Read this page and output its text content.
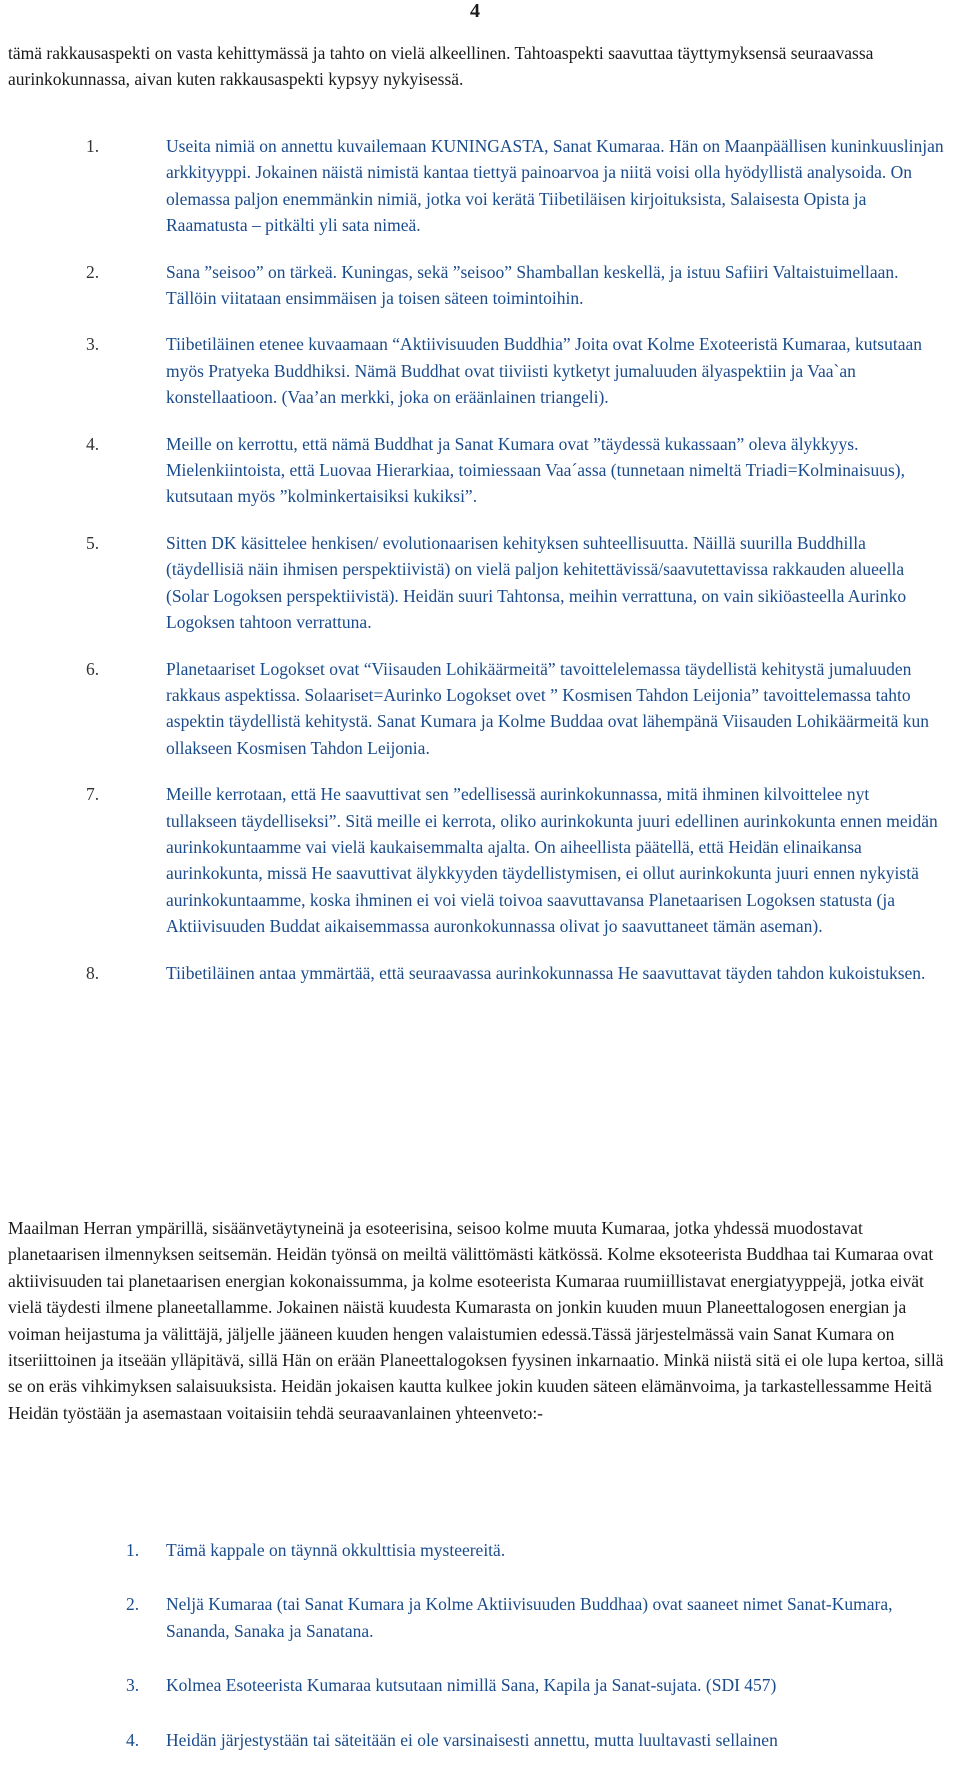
4
tämä rakkausaspekti on vasta kehittymässä ja tahto on vielä alkeellinen. Tahtoaspekti saavuttaa täyttymyksensä seuraavassa aurinkokunnassa, aivan kuten rakkausaspekti kypsyy nykyisessä.
1.	Useita nimiä on annettu kuvailemaan KUNINGASTA, Sanat Kumaraa. Hän on Maanpäällisen kuninkuuslinjan arkkityyppi. Jokainen näistä nimistä kantaa tiettyä painoarvoa ja niitä voisi olla hyödyllistä analysoida. On olemassa paljon enemmänkin nimiä, jotka voi kerätä Tiibetiläisen kirjoituksista, Salaisesta Opista ja Raamatusta – pitkälti yli sata nimeä.
2.	Sana ”seisoo” on tärkeä. Kuningas, sekä ”seisoo” Shamballan keskellä, ja istuu Safiiri Valtaistuimellaan. Tällöin viitataan ensimmäisen ja toisen säteen toimintoihin.
3.	Tiibetiläinen etenee kuvaamaan “Aktiivisuuden Buddhia” Joita ovat Kolme Exoteeristä Kumaraa, kutsutaan myös Pratyeka Buddhiksi. Nämä Buddhat ovat tiiviisti kytketyt jumaluuden älyaspektiin ja Vaa`an konstellaatioon. (Vaa’an merkki, joka on eräänlainen triangeli).
4.	Meille on kerrottu, että nämä Buddhat ja Sanat Kumara ovat ”täydessä kukassaan” oleva älykkyys. Mielenkiintoista, että Luovaa Hierarkiaa, toimiessaan Vaa´assa (tunnetaan nimeltä Triadi=Kolminaisuus), kutsutaan myös ”kolminkertaisiksi kukiksi”.
5.	Sitten DK käsittelee henkisen/ evolutionaarisen kehityksen suhteellisuutta. Näillä suurilla Buddhilla (täydellisiä näin ihmisen perspektiivistä) on vielä paljon kehitettävissä/saavutettavissa rakkauden alueella (Solar Logoksen perspektiivistä). Heidän suuri Tahtonsa, meihin verrattuna, on vain sikiöasteella Aurinko Logoksen tahtoon verrattuna.
6.	Planetaariset Logokset ovat “Viisauden Lohikäärmeitä” tavoittelelemassa täydellistä kehitystä jumaluuden rakkaus aspektissa. Solaariset=Aurinko Logokset ovet ” Kosmisen Tahdon Leijonia” tavoittelemassa tahto aspektin täydellistä kehitystä. Sanat Kumara ja Kolme Buddaa ovat lähempänä Viisauden Lohikäärmeitä kun ollakseen Kosmisen Tahdon Leijonia.
7.	Meille kerrotaan, että He saavuttivat sen ”edellisessä aurinkokunnassa, mitä ihminen kilvoittelee nyt tullakseen täydelliseksi”. Sitä meille ei kerrota, oliko aurinkokunta juuri edellinen aurinkokunta ennen meidän aurinkokuntaamme vai vielä kaukaisemmalta ajalta. On aiheellista päätellä, että Heidän elinaikansa aurinkokunta, missä He saavuttivat älykkyyden täydellistymisen, ei ollut aurinkokunta juuri ennen nykyistä aurinkokuntaamme, koska ihminen ei voi vielä toivoa saavuttavansa Planetaarisen Logoksen statusta (ja Aktiivisuuden Buddat aikaisemmassa auronkokunnassa olivat jo saavuttaneet tämän aseman).
8.	Tiibetiläinen antaa ymmärtää, että seuraavassa aurinkokunnassa He saavuttavat täyden tahdon kukoistuksen.
Maailman Herran ympärillä, sisäänvetäytyneinä ja esoteerisina, seisoo kolme muuta Kumaraa, jotka yhdessä muodostavat planetaarisen ilmennyksen seitsemän. Heidän työnsä on meiltä välittömästi kätkössä. Kolme eksoteerista Buddhaa tai Kumaraa ovat aktiivisuuden tai planetaarisen energian kokonaissumma, ja kolme esoteerista Kumaraa ruumiillistavat energiatyyppejä, jotka eivät vielä täydesti ilmene planeetallamme. Jokainen näistä kuudesta Kumarasta on jonkin kuuden muun Planeettalogosen energian ja voiman heijastuma ja välittäjä, jäljelle jääneen kuuden hengen valaistumien edessä.Tässä järjestelmässä vain Sanat Kumara on itseriittoinen ja itseään ylläpitävä, sillä Hän on erään Planeettalogoksen fyysinen inkarnaatio. Minkä niistä sitä ei ole lupa kertoa, sillä se on eräs vihkimyksen salaisuuksista. Heidän jokaisen kautta kulkee jokin kuuden säteen elämänvoima, ja tarkastellessamme Heitä Heidän työstään ja asemastaan voitaisiin tehdä seuraavanlainen yhteenveto:-
1. Tämä kappale on täynnä okkulttisia mysteereitä.
2. Neljä Kumaraa (tai Sanat Kumara ja Kolme Aktiivisuuden Buddhaa) ovat saaneet nimet Sanat-Kumara, Sananda, Sanaka ja Sanatana.
3. Kolmea Esoteerista Kumaraa kutsutaan nimillä Sana, Kapila ja Sanat-sujata. (SDI 457)
4. Heidän järjestystään tai säteitään ei ole varsinaisesti annettu, mutta luultavasti sellainen
